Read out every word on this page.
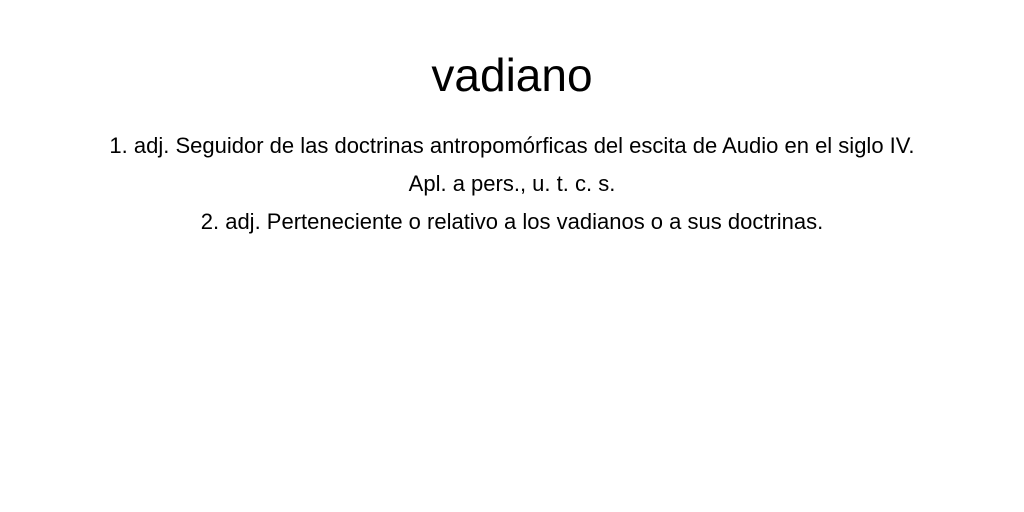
vadiano

1. adj. Seguidor de las doctrinas antropomórficas del escita de Audio en el siglo IV. Apl. a pers., u. t. c. s.

2. adj. Perteneciente o relativo a los vadianos o a sus doctrinas.
